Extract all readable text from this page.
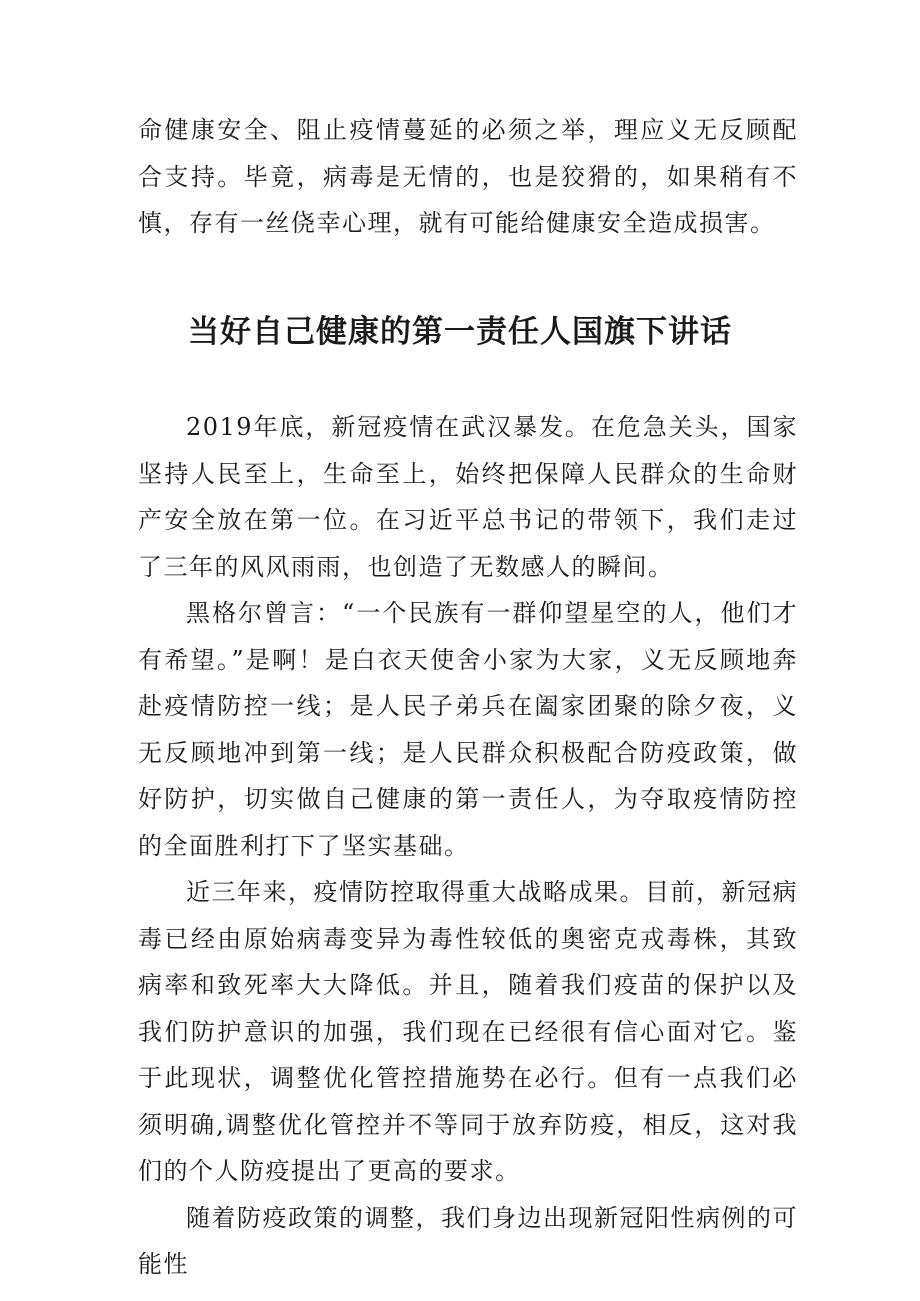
命健康安全、阻止疫情蔓延的必须之举，理应义无反顾配合支持。毕竟，病毒是无情的，也是狡猾的，如果稍有不慎，存有一丝侥幸心理，就有可能给健康安全造成损害。

当好自己健康的第一责任人国旗下讲话

2019年底，新冠疫情在武汉暴发。在危急关头，国家坚持人民至上，生命至上，始终把保障人民群众的生命财产安全放在第一位。在习近平总书记的带领下，我们走过了三年的风风雨雨，也创造了无数感人的瞬间。

黑格尔曾言：“一个民族有一群仰望星空的人，他们才有希望。”是啊！是白衣天使舍小家为大家，义无反顾地奔赴疫情防控一线；是人民子弟兵在阖家团聚的除夕夜，义无反顾地冲到第一线；是人民群众积极配合防疫政策，做好防护，切实做自己健康的第一责任人，为夺取疫情防控的全面胜利打下了坚实基础。

近三年来，疫情防控取得重大战略成果。目前，新冠病毒已经由原始病毒变异为毒性较低的奥密克戎毒株，其致病率和致死率大大降低。并且，随着我们疫苗的保护以及我们防护意识的加强，我们现在已经很有信心面对它。鉴于此现状，调整优化管控措施势在必行。但有一点我们必须明确,调整优化管控并不等同于放弃防疫，相反，这对我们的个人防疫提出了更高的要求。

随着防疫政策的调整，我们身边出现新冠阳性病例的可能性
